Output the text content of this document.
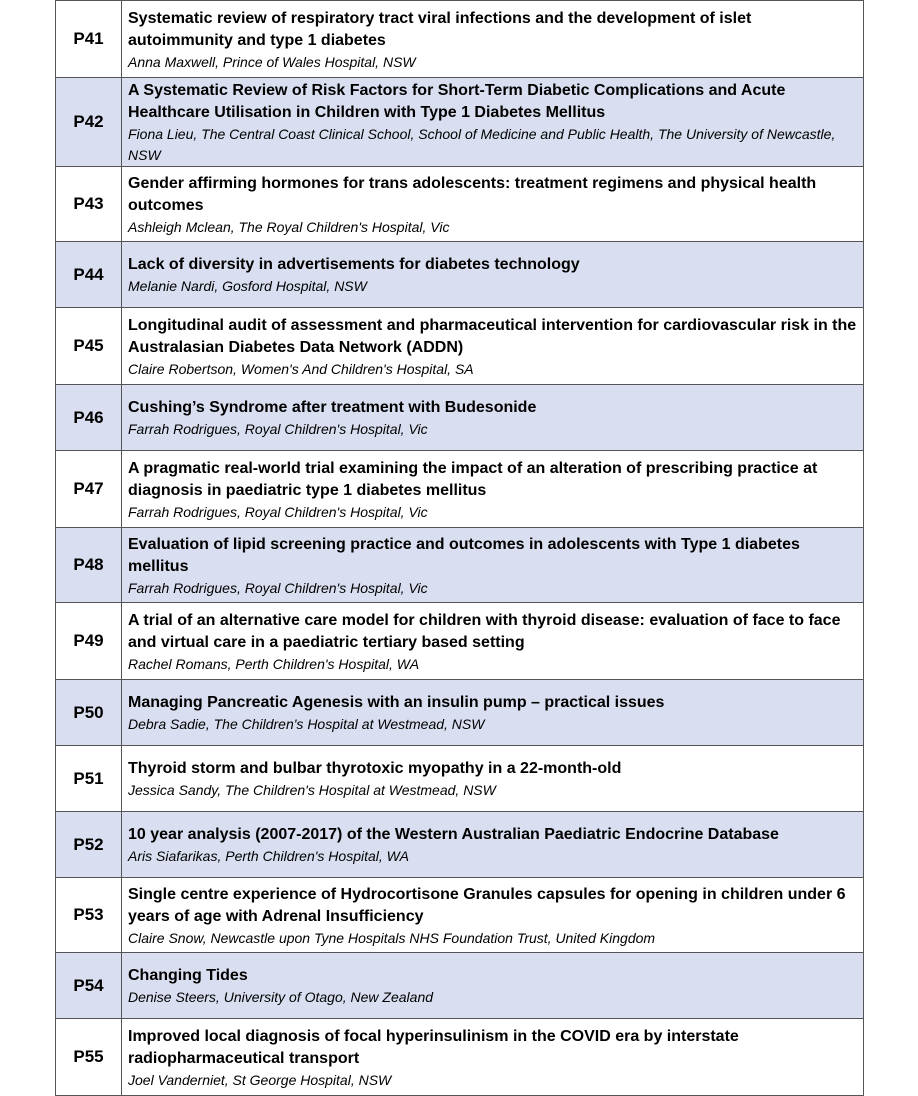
P41	Systematic review of respiratory tract viral infections and the development of islet autoimmunity and type 1 diabetes
Anna Maxwell, Prince of Wales Hospital, NSW

P42	A Systematic Review of Risk Factors for Short-Term Diabetic Complications and Acute Healthcare Utilisation in Children with Type 1 Diabetes Mellitus
Fiona Lieu, The Central Coast Clinical School, School of Medicine and Public Health, The University of Newcastle, NSW

P43	Gender affirming hormones for trans adolescents: treatment regimens and physical health outcomes
Ashleigh Mclean, The Royal Children's Hospital, Vic

P44	Lack of diversity in advertisements for diabetes technology
Melanie Nardi, Gosford Hospital, NSW

P45	Longitudinal audit of assessment and pharmaceutical intervention for cardiovascular risk in the Australasian Diabetes Data Network (ADDN)
Claire Robertson, Women's And Children's Hospital, SA

P46	Cushing’s Syndrome after treatment with Budesonide
Farrah Rodrigues, Royal Children's Hospital, Vic

P47	A pragmatic real-world trial examining the impact of an alteration of prescribing practice at diagnosis in paediatric type 1 diabetes mellitus
Farrah Rodrigues, Royal Children's Hospital, Vic

P48	Evaluation of lipid screening practice and outcomes in adolescents with Type 1 diabetes mellitus
Farrah Rodrigues, Royal Children's Hospital, Vic

P49	A trial of an alternative care model for children with thyroid disease: evaluation of face to face and virtual care in a paediatric tertiary based setting
Rachel Romans, Perth Children's Hospital, WA

P50	Managing Pancreatic Agenesis with an insulin pump – practical issues
Debra Sadie, The Children's Hospital at Westmead, NSW

P51	Thyroid storm and bulbar thyrotoxic myopathy in a 22-month-old
Jessica Sandy, The Children's Hospital at Westmead, NSW

P52	10 year analysis (2007-2017) of the Western Australian Paediatric Endocrine Database
Aris Siafarikas, Perth Children's Hospital, WA

P53	Single centre experience of Hydrocortisone Granules capsules for opening in children under 6 years of age with Adrenal Insufficiency
Claire Snow, Newcastle upon Tyne Hospitals NHS Foundation Trust, United Kingdom

P54	Changing Tides
Denise Steers, University of Otago, New Zealand

P55	Improved local diagnosis of focal hyperinsulinism in the COVID era by interstate radiopharmaceutical transport
Joel Vanderniet, St George Hospital, NSW
